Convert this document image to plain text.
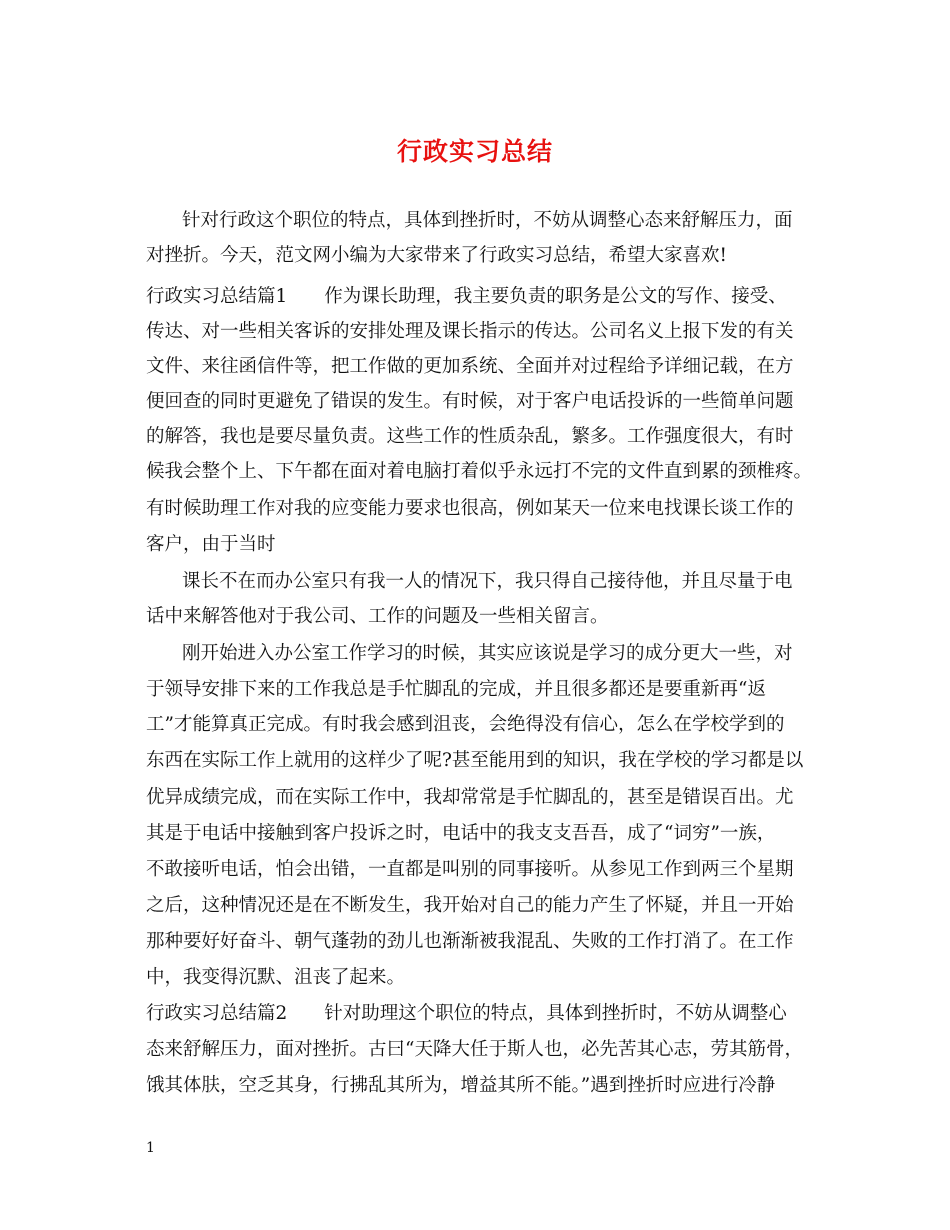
行政实习总结
针对行政这个职位的特点，具体到挫折时，不妨从调整心态来舒解压力，面
对挫折。今天，范文网小编为大家带来了行政实习总结，希望大家喜欢!
行政实习总结篇1　　作为课长助理，我主要负责的职务是公文的写作、接受、
传达、对一些相关客诉的安排处理及课长指示的传达。公司名义上报下发的有关
文件、来往函信件等，把工作做的更加系统、全面并对过程给予详细记载，在方
便回查的同时更避免了错误的发生。有时候，对于客户电话投诉的一些简单问题
的解答，我也是要尽量负责。这些工作的性质杂乱，繁多。工作强度很大，有时
候我会整个上、下午都在面对着电脑打着似乎永远打不完的文件直到累的颈椎疼。
有时候助理工作对我的应变能力要求也很高，例如某天一位来电找课长谈工作的
客户，由于当时
课长不在而办公室只有我一人的情况下，我只得自己接待他，并且尽量于电
话中来解答他对于我公司、工作的问题及一些相关留言。
刚开始进入办公室工作学习的时候，其实应该说是学习的成分更大一些，对
于领导安排下来的工作我总是手忙脚乱的完成，并且很多都还是要重新再“返
工”才能算真正完成。有时我会感到沮丧，会绝得没有信心，怎么在学校学到的
东西在实际工作上就用的这样少了呢?甚至能用到的知识，我在学校的学习都是以
优异成绩完成，而在实际工作中，我却常常是手忙脚乱的，甚至是错误百出。尤
其是于电话中接触到客户投诉之时，电话中的我支支吾吾，成了“词穷”一族，
不敢接听电话，怕会出错，一直都是叫别的同事接听。从参见工作到两三个星期
之后，这种情况还是在不断发生，我开始对自己的能力产生了怀疑，并且一开始
那种要好好奋斗、朝气蓬勃的劲儿也渐渐被我混乱、失败的工作打消了。在工作
中，我变得沉默、沮丧了起来。
行政实习总结篇2　　针对助理这个职位的特点，具体到挫折时，不妨从调整心
态来舒解压力，面对挫折。古曰“天降大任于斯人也，必先苦其心志，劳其筋骨，
饿其体肤，空乏其身，行拂乱其所为，增益其所不能。”遇到挫折时应进行冷静
1
